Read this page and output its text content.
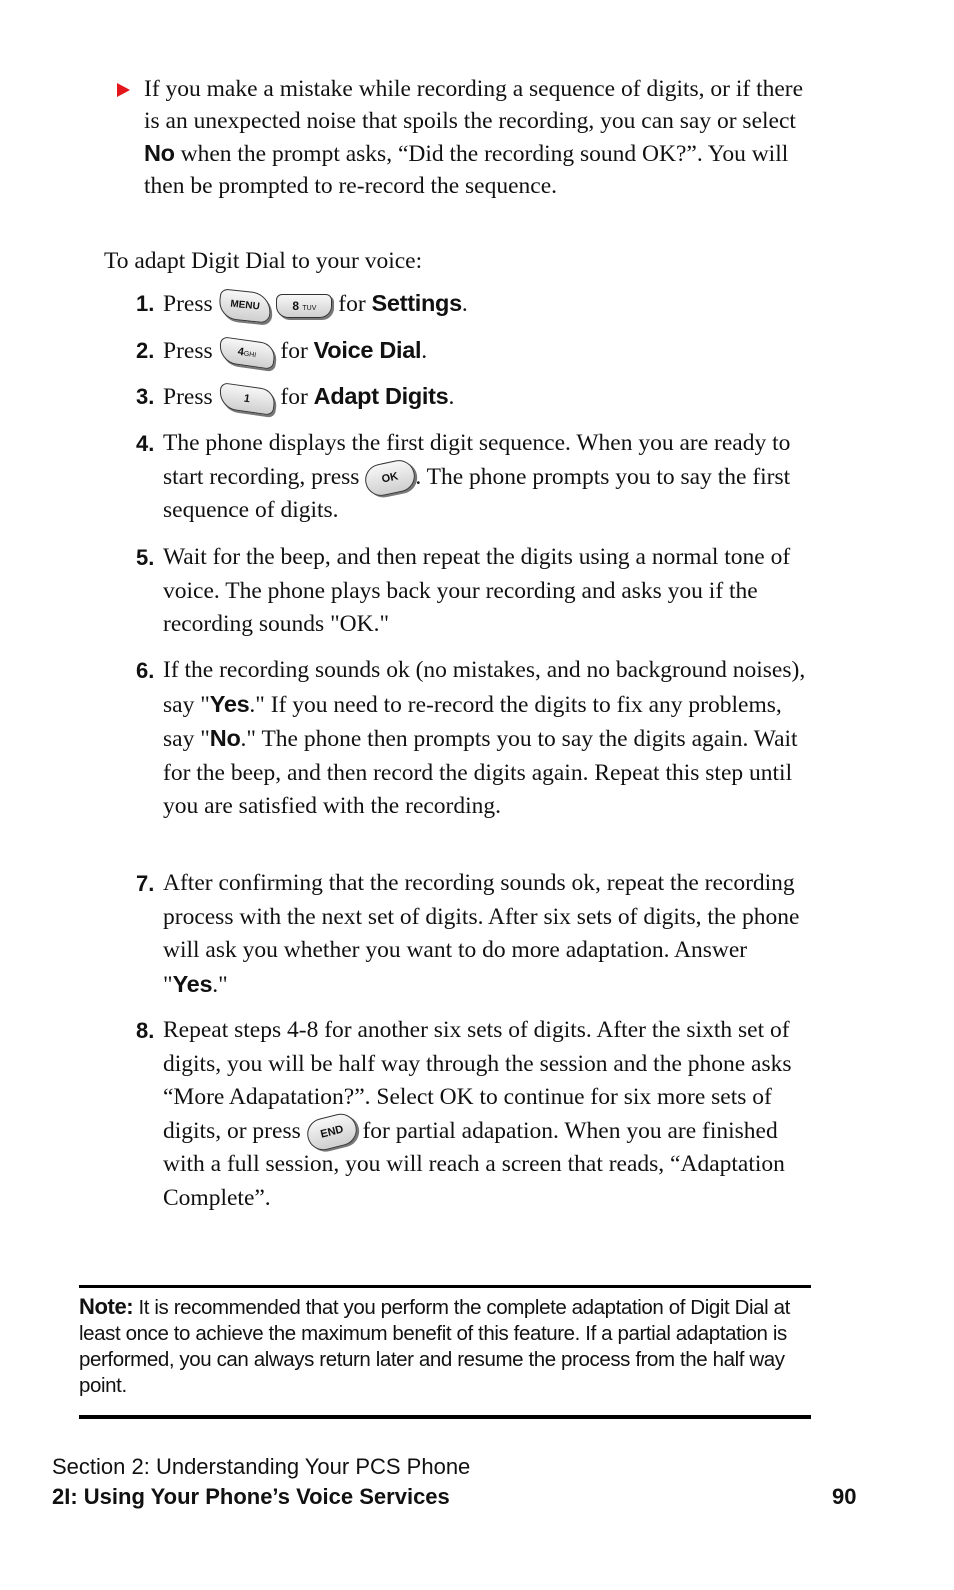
If you make a mistake while recording a sequence of digits, or if there is an unexpected noise that spoils the recording, you can say or select No when the prompt asks, “Did the recording sound OK?”. You will then be prompted to re-record the sequence.
To adapt Digit Dial to your voice:
1. Press MENU	8 TUV for Settings.
2. Press 4GHI for Voice Dial.
3. Press	1 for Adapt Digits.
4. The phone displays the first digit sequence. When you are ready to start recording, press OK . The phone prompts you to say the first sequence of digits.
5. Wait for the beep, and then repeat the digits using a normal tone of voice. The phone plays back your recording and asks you if the recording sounds "OK."
6. If the recording sounds ok (no mistakes, and no background noises), say "Yes." If you need to re-record the digits to fix any problems, say "No." The phone then prompts you to say the digits again. Wait for the beep, and then record the digits again. Repeat this step until you are satisfied with the recording.
7. After confirming that the recording sounds ok, repeat the recording process with the next set of digits. After six sets of digits, the phone will ask you whether you want to do more adaptation. Answer "Yes."
8. Repeat steps 4-8 for another six sets of digits. After the sixth set of digits, you will be half way through the session and the phone asks “More Adapatation?”. Select OK to continue for six more sets of digits, or press END for partial adapation. When you are finished with a full session, you will reach a screen that reads, “Adaptation Complete”.
Note: It is recommended that you perform the complete adaptation of Digit Dial at least once to achieve the maximum benefit of this feature. If a partial adaptation is performed, you can always return later and resume the process from the half way point.
Section 2: Understanding Your PCS Phone
2I: Using Your Phone’s Voice Services	90
